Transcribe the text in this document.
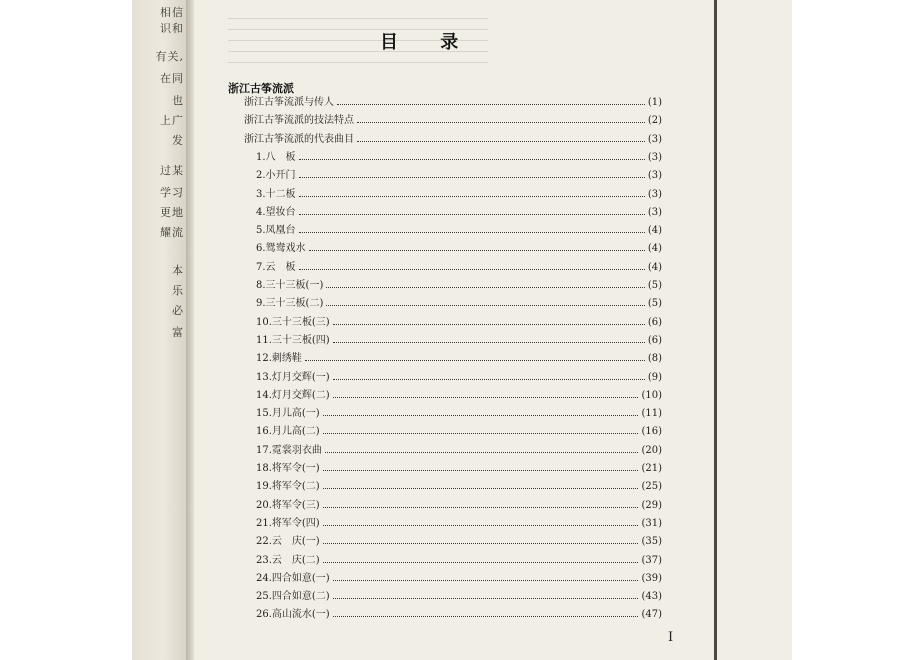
相信
识和
有关,
在同
也
上广
发
过某
学习
更地
耀流
本
乐
必
富
目 录
浙江古筝流派
浙江古筝流派与传人	(1)
浙江古筝流派的技法特点	(2)
浙江古筝流派的代表曲目	(3)
1.八　板	(3)
2.小开门	(3)
3.十二板	(3)
4.望妆台	(3)
5.凤凰台	(4)
6.鸳鸯戏水	(4)
7.云　板	(4)
8.三十三板(一)	(5)
9.三十三板(二)	(5)
10.三十三板(三)	(6)
11.三十三板(四)	(6)
12.刺绣鞋	(8)
13.灯月交辉(一)	(9)
14.灯月交辉(二)	(10)
15.月儿高(一)	(11)
16.月儿高(二)	(16)
17.霓裳羽衣曲	(20)
18.将军令(一)	(21)
19.将军令(二)	(25)
20.将军令(三)	(29)
21.将军令(四)	(31)
22.云　庆(一)	(35)
23.云　庆(二)	(37)
24.四合如意(一)	(39)
25.四合如意(二)	(43)
26.高山流水(一)	(47)
I
